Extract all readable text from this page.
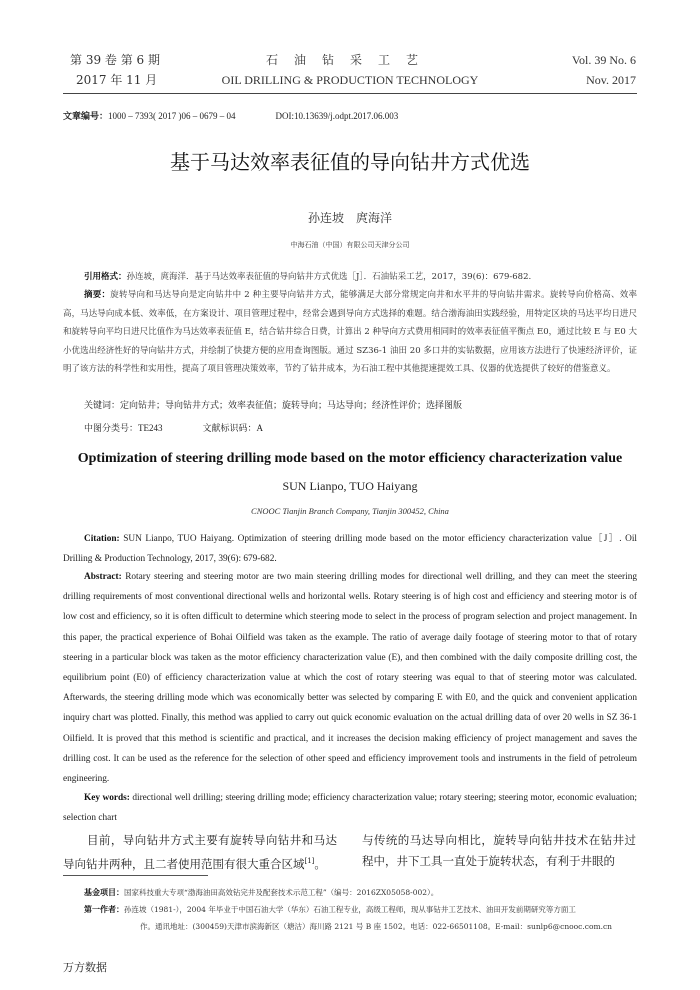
第 39 卷 第 6 期
2017 年 11 月
石油钻采工艺
OIL DRILLING & PRODUCTION TECHNOLOGY
Vol. 39 No. 6
Nov. 2017
文章编号：1000 – 7393( 2017 )06 – 0679 – 04	DOI:10.13639/j.odpt.2017.06.003
基于马达效率表征值的导向钻井方式优选
孙连坡　庹海洋
中海石油（中国）有限公司天津分公司
引用格式：孙连坡，庹海洋．基于马达效率表征值的导向钻井方式优选［J］．石油钻采工艺，2017，39(6)：679-682.
摘要：旋转导向和马达导向是定向钻井中 2 种主要导向钻井方式，能够满足大部分常规定向井和水平井的导向钻井需求。旋转导向价格高、效率高，马达导向成本低、效率低，在方案设计、项目管理过程中，经常会遇到导向方式选择的难题。结合渤海油田实践经验，用特定区块的马达平均日进尺和旋转导向平均日进尺比值作为马达效率表征值 E，结合钻井综合日费，计算出 2 种导向方式费用相同时的效率表征值平衡点 E0，通过比较 E 与 E0 大小优选出经济性好的导向钻井方式，并绘制了快捷方便的应用查询图版。通过 SZ36-1 油田 20 多口井的实钻数据，应用该方法进行了快速经济评价，证明了该方法的科学性和实用性，提高了项目管理决策效率，节约了钻井成本，为石油工程中其他提速提效工具、仪器的优选提供了较好的借鉴意义。
关键词：定向钻井；导向钻井方式；效率表征值；旋转导向；马达导向；经济性评价；选择图版
中图分类号：TE243	文献标识码：A
Optimization of steering drilling mode based on the motor efficiency characterization value
SUN Lianpo, TUO Haiyang
CNOOC Tianjin Branch Company, Tianjin 300452, China
Citation: SUN Lianpo, TUO Haiyang. Optimization of steering drilling mode based on the motor efficiency characterization value［J］. Oil Drilling & Production Technology, 2017, 39(6): 679-682.
Abstract: Rotary steering and steering motor are two main steering drilling modes for directional well drilling, and they can meet the steering drilling requirements of most conventional directional wells and horizontal wells. Rotary steering is of high cost and efficiency and steering motor is of low cost and efficiency, so it is often difficult to determine which steering mode to select in the process of program selection and project management. In this paper, the practical experience of Bohai Oilfield was taken as the example. The ratio of average daily footage of steering motor to that of rotary steering in a particular block was taken as the motor efficiency characterization value (E), and then combined with the daily composite drilling cost, the equilibrium point (E0) of efficiency characterization value at which the cost of rotary steering was equal to that of steering motor was calculated. Afterwards, the steering drilling mode which was economically better was selected by comparing E with E0, and the quick and convenient application inquiry chart was plotted. Finally, this method was applied to carry out quick economic evaluation on the actual drilling data of over 20 wells in SZ 36-1 Oilfield. It is proved that this method is scientific and practical, and it increases the decision making efficiency of project management and saves the drilling cost. It can be used as the reference for the selection of other speed and efficiency improvement tools and instruments in the field of petroleum engineering.
Key words: directional well drilling; steering drilling mode; efficiency characterization value; rotary steering; steering motor, economic evaluation; selection chart
目前，导向钻井方式主要有旋转导向钻井和马达导向钻井两种，且二者使用范围有很大重合区域[1]。
与传统的马达导向相比，旋转导向钻井技术在钻井过程中，井下工具一直处于旋转状态，有利于井眼的
基金项目：国家科技重大专项“渤海油田高效钻完井及配套技术示范工程”（编号：2016ZX05058-002）。
第一作者：孙连坡（1981-），2004 年毕业于中国石油大学（华东）石油工程专业，高级工程师，现从事钻井工艺技术、油田开发前期研究等方面工
作。通讯地址：(300459)天津市滨海新区（塘沽）海川路 2121 号 B 座 1502。电话：022-66501108。E-mail：sunlp6@cnooc.com.cn
万方数据
